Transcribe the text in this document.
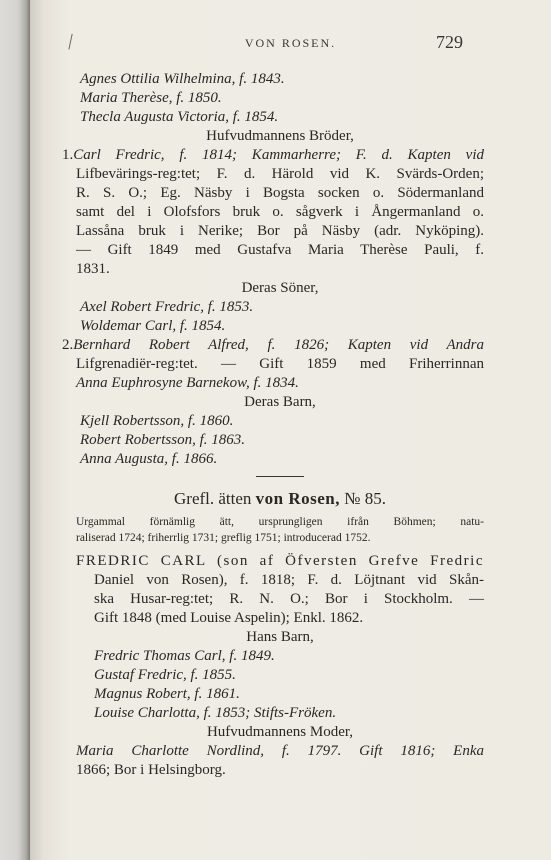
VON ROSEN.	729
Agnes Ottilia Wilhelmina, f. 1843.
Maria Therèse, f. 1850.
Thecla Augusta Victoria, f. 1854.
Hufvudmannens Bröder,
1.Carl Fredric, f. 1814; Kammarherre; F. d. Kapten vid
Lifbevärings-reg:tet; F. d. Härold vid K. Svärds-Orden;
R. S. O.; Eg. Näsby i Bogsta socken o. Södermanland
samt del i Olofsfors bruk o. sågverk i Ångermanland o.
Lassåna bruk i Nerike; Bor på Näsby (adr. Nyköping).
— Gift 1849 med Gustafva Maria Therèse Pauli, f.
1831.
Deras Söner,
Axel Robert Fredric, f. 1853.
Woldemar Carl, f. 1854.
2.Bernhard Robert Alfred, f. 1826; Kapten vid Andra
Lifgrenadiër-reg:tet. — Gift 1859 med Friherrinnan
Anna Euphrosyne Barnekow, f. 1834.
Deras Barn,
Kjell Robertsson, f. 1860.
Robert Robertsson, f. 1863.
Anna Augusta, f. 1866.
Grefl. ätten von Rosen, № 85.
Urgammal förnämlig ätt, ursprungligen ifrån Böhmen; natu-
raliserad 1724; friherrlig 1731; greflig 1751; introducerad 1752.
FREDRIC CARL (son af Öfversten Grefve Fredric
Daniel von Rosen), f. 1818; F. d. Löjtnant vid Skån-
ska Husar-reg:tet; R. N. O.; Bor i Stockholm. —
Gift 1848 (med Louise Aspelin); Enkl. 1862.
Hans Barn,
Fredric Thomas Carl, f. 1849.
Gustaf Fredric, f. 1855.
Magnus Robert, f. 1861.
Louise Charlotta, f. 1853; Stifts-Fröken.
Hufvudmannens Moder,
Maria Charlotte Nordlind, f. 1797. Gift 1816; Enka
1866; Bor i Helsingborg.
